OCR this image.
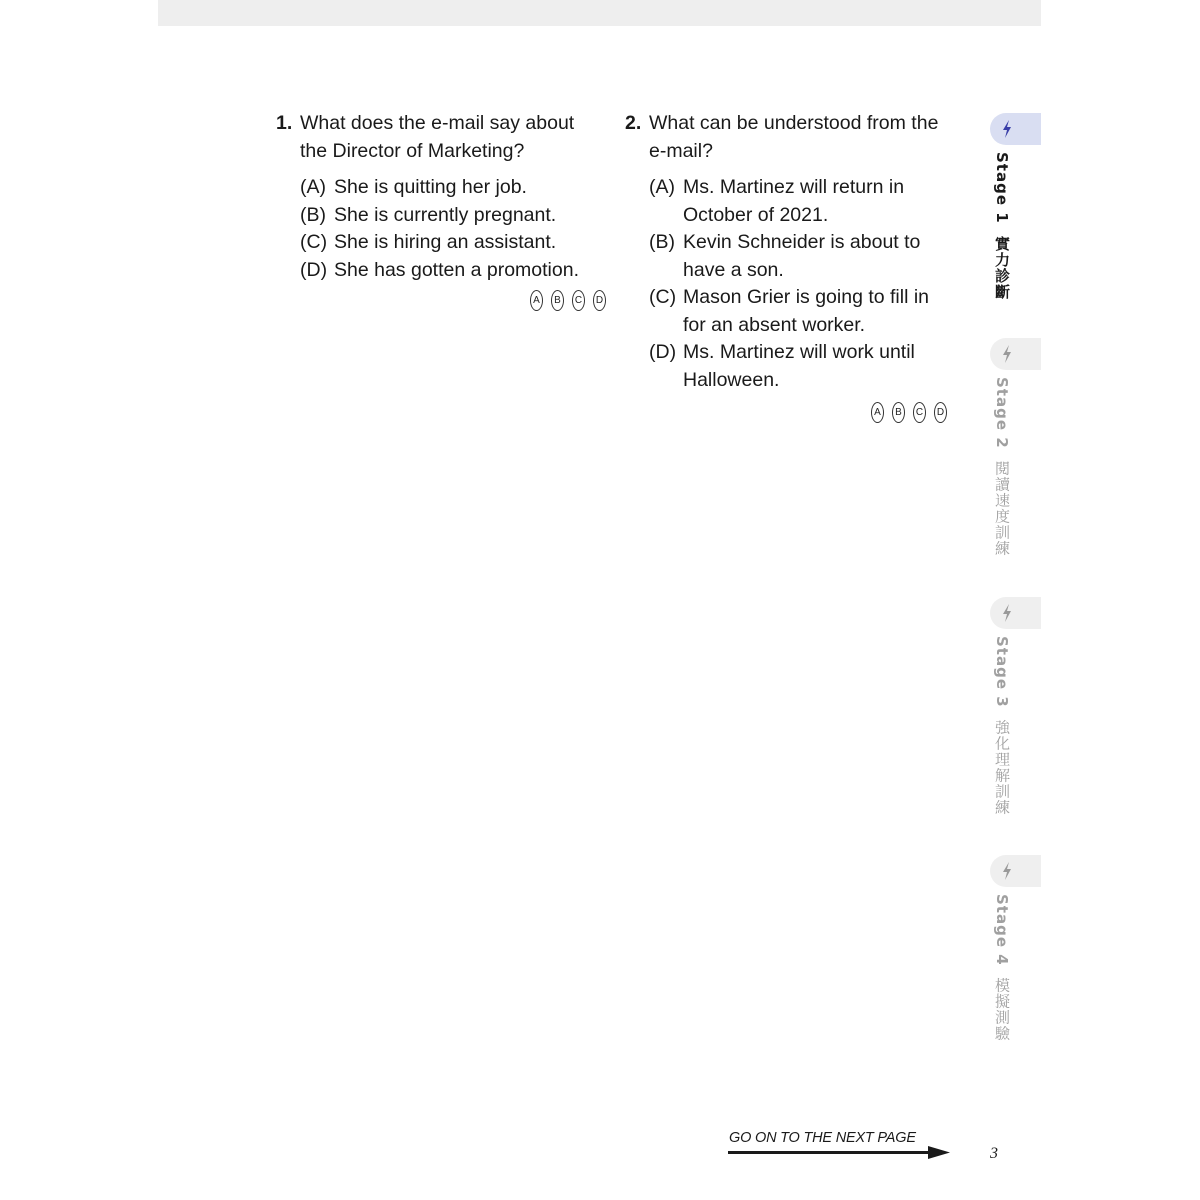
1. What does the e-mail say about the Director of Marketing?
(A) She is quitting her job.
(B) She is currently pregnant.
(C) She is hiring an assistant.
(D) She has gotten a promotion.
A	B	C D
2. What can be understood from the e-mail?
(A) Ms. Martinez will return in October of 2021.
(B) Kevin Schneider is about to have a son.
(C) Mason Grier is going to fill in for an absent worker.
(D) Ms. Martinez will work until Halloween.
A	B	C D
Stage 1 實力診斷
Stage 2 閱讀速度訓練
Stage 3 強化理解訓練
Stage 4 模擬測驗
GO ON TO THE NEXT PAGE
3
